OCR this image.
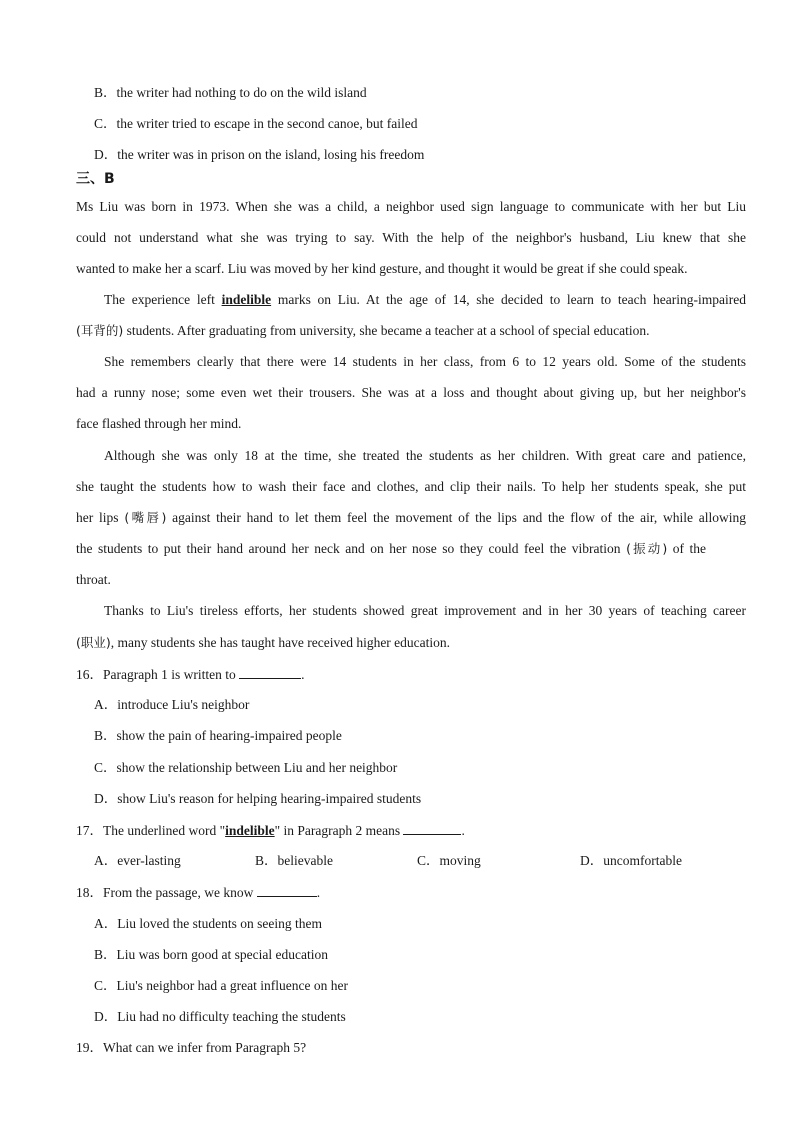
B．the writer had nothing to do on the wild island
C．the writer tried to escape in the second canoe, but failed
D．the writer was in prison on the island, losing his freedom
三、B
Ms Liu was born in 1973. When she was a child, a neighbor used sign language to communicate with her but Liu
could not understand what she was trying to say. With the help of the neighbor's husband, Liu knew that she
wanted to make her a scarf. Liu was moved by her kind gesture, and thought it would be great if she could speak.
The experience left indelible marks on Liu. At the age of 14, she decided to learn to teach hearing-impaired
(耳背的) students. After graduating from university, she became a teacher at a school of special education.
She remembers clearly that there were 14 students in her class, from 6 to 12 years old. Some of the students
had a runny nose; some even wet their trousers. She was at a loss and thought about giving up, but her neighbor's
face flashed through her mind.
Although she was only 18 at the time, she treated the students as her children. With great care and patience,
she taught the students how to wash their face and clothes, and clip their nails. To help her students speak, she put
her lips (嘴唇) against their hand to let them feel the movement of the lips and the flow of the air, while allowing
the students to put their hand around her neck and on her nose so they could feel the vibration (振动) of the
throat.
Thanks to Liu's tireless efforts, her students showed great improvement and in her 30 years of teaching career
(职业), many students she has taught have received higher education.
16．Paragraph 1 is written to	.
A．introduce Liu's neighbor
B．show the pain of hearing-impaired people
C．show the relationship between Liu and her neighbor
D．show Liu's reason for helping hearing-impaired students
17．The underlined word "indelible" in Paragraph 2 means	.
A．ever-lasting	B．believable	C．moving	D．uncomfortable
18．From the passage, we know	.
A．Liu loved the students on seeing them
B．Liu was born good at special education
C．Liu's neighbor had a great influence on her
D．Liu had no difficulty teaching the students
19．What can we infer from Paragraph 5?
